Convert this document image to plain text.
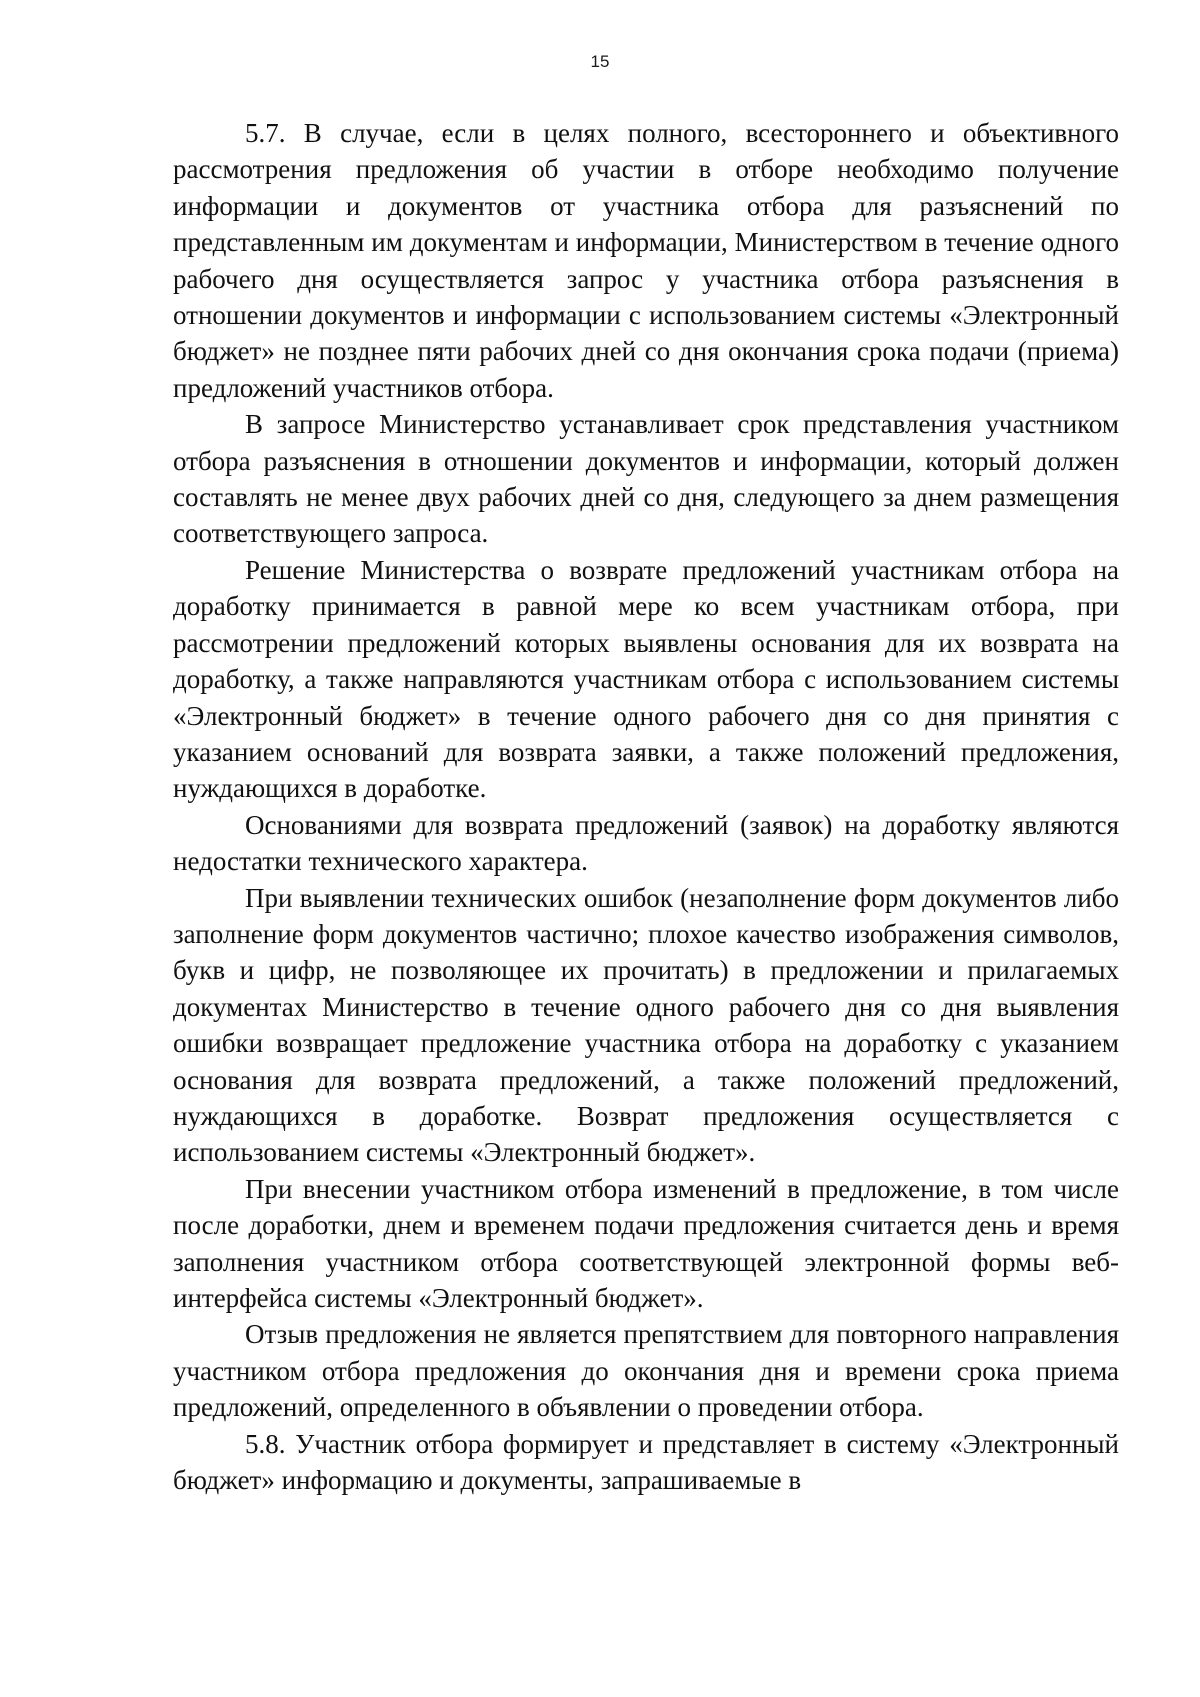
15

5.7. В случае, если в целях полного, всестороннего и объективного рассмотрения предложения об участии в отборе необходимо получение информации и документов от участника отбора для разъяснений по представленным им документам и информации, Министерством в течение одного рабочего дня осуществляется запрос у участника отбора разъяснения в отношении документов и информации с использованием системы «Электронный бюджет» не позднее пяти рабочих дней со дня окончания срока подачи (приема) предложений участников отбора.

В запросе Министерство устанавливает срок представления участником отбора разъяснения в отношении документов и информации, который должен составлять не менее двух рабочих дней со дня, следующего за днем размещения соответствующего запроса.

Решение Министерства о возврате предложений участникам отбора на доработку принимается в равной мере ко всем участникам отбора, при рассмотрении предложений которых выявлены основания для их возврата на доработку, а также направляются участникам отбора с использованием системы «Электронный бюджет» в течение одного рабочего дня со дня принятия с указанием оснований для возврата заявки, а также положений предложения, нуждающихся в доработке.

Основаниями для возврата предложений (заявок) на доработку являются недостатки технического характера.

При выявлении технических ошибок (незаполнение форм документов либо заполнение форм документов частично; плохое качество изображения символов, букв и цифр, не позволяющее их прочитать) в предложении и прилагаемых документах Министерство в течение одного рабочего дня со дня выявления ошибки возвращает предложение участника отбора на доработку с указанием основания для возврата предложений, а также положений предложений, нуждающихся в доработке. Возврат предложения осуществляется с использованием системы «Электронный бюджет».

При внесении участником отбора изменений в предложение, в том числе после доработки, днем и временем подачи предложения считается день и время заполнения участником отбора соответствующей электронной формы веб-интерфейса системы «Электронный бюджет».

Отзыв предложения не является препятствием для повторного направления участником отбора предложения до окончания дня и времени срока приема предложений, определенного в объявлении о проведении отбора.

5.8. Участник отбора формирует и представляет в систему «Электронный бюджет» информацию и документы, запрашиваемые в
